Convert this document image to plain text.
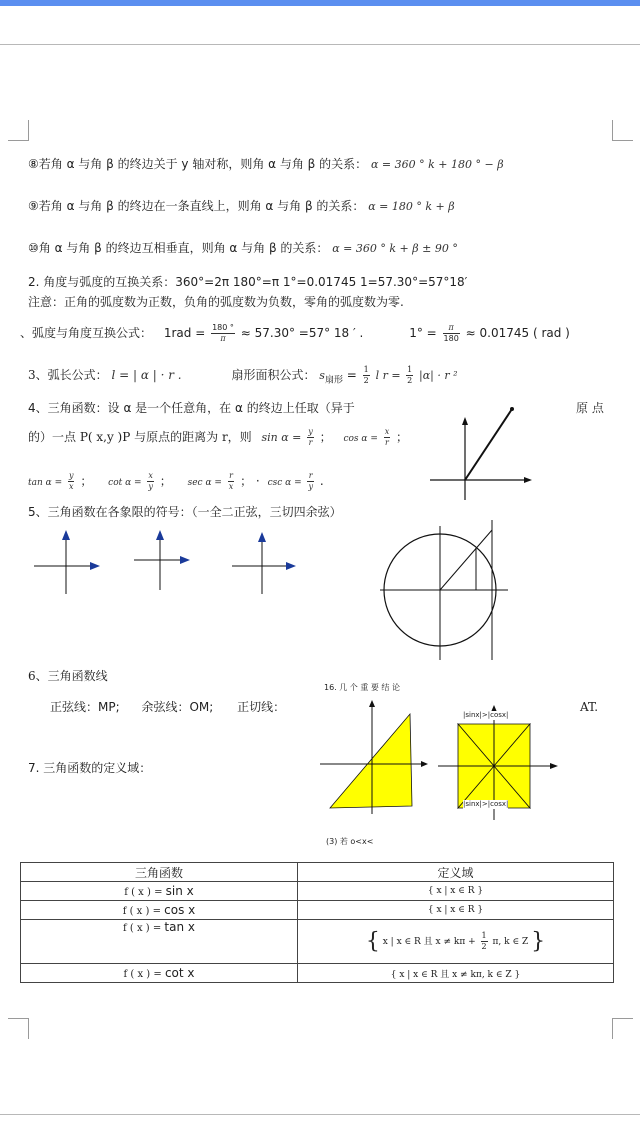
⑧若角 α 与角 β 的终边关于 y 轴对称，则角 α 与角 β 的关系： α = 360 ° k + 180 ° − β
⑨若角 α 与角 β 的终边在一条直线上，则角 α 与角 β 的关系： α = 180 ° k + β
⑩角 α 与角 β 的终边互相垂直，则角 α 与角 β 的关系： α = 360 ° k + β ± 90 °
2. 角度与弧度的互换关系：360°=2π 180°=π 1°=0.01745 1=57.30°=57°18′
注意：正角的弧度数为正数，负角的弧度数为负数，零角的弧度数为零.
、弧度与角度互换公式： $1rad = \frac{180 ^\circ}{\pi} \approx 57.30^\circ =57^\circ$ 18 ′ .	$1^\circ = \frac{\pi}{180} \approx 0.01745$ ( rad )
3、弧长公式： l = | α | · r .	扇形面积公式： $s_{扇形} = \frac{1}{2}$ l $r = \frac{1}{2} |\alpha| \cdot r$ ²
4、三角函数：设 α 是一个任意角，在 α 的终边上任取（异于	原 点
的）一点 P( x,y )P 与原点的距离为 r，则 $\sin \alpha = \frac{y}{r}$ ； $\cos \alpha = \frac{x}{r}$ ；
$\tan \alpha = \frac{y}{x}$ ； $\cot \alpha = \frac{x}{y}$ ； $\sec \alpha = \frac{r}{x}$ ； · $\csc \alpha = \frac{r}{y}$ .
5、三角函数在各象限的符号：（一全二正弦，三切四余弦）
6、三角函数线
正弦线：MP; 余弦线：OM; 正切线：	AT.
7. 三角函数的定义域：
16. 几 个 重 要 结 论
|sinx|>|cosx|
|sinx|>|cosx|
(3) 若 o<x<
三角函数	定义域
f ( x ) = sin x	{ x | x ∈ R }
f ( x ) = cos x	{ x | x ∈ R }
f ( x ) = tan x	{ x | x ∈ R 且 $x \ne k\pi + \frac{1}{2} \pi$, k ∈ Z }
f ( x ) = cot x	{ x | x ∈ R 且 x ≠ kπ, k ∈ Z }
